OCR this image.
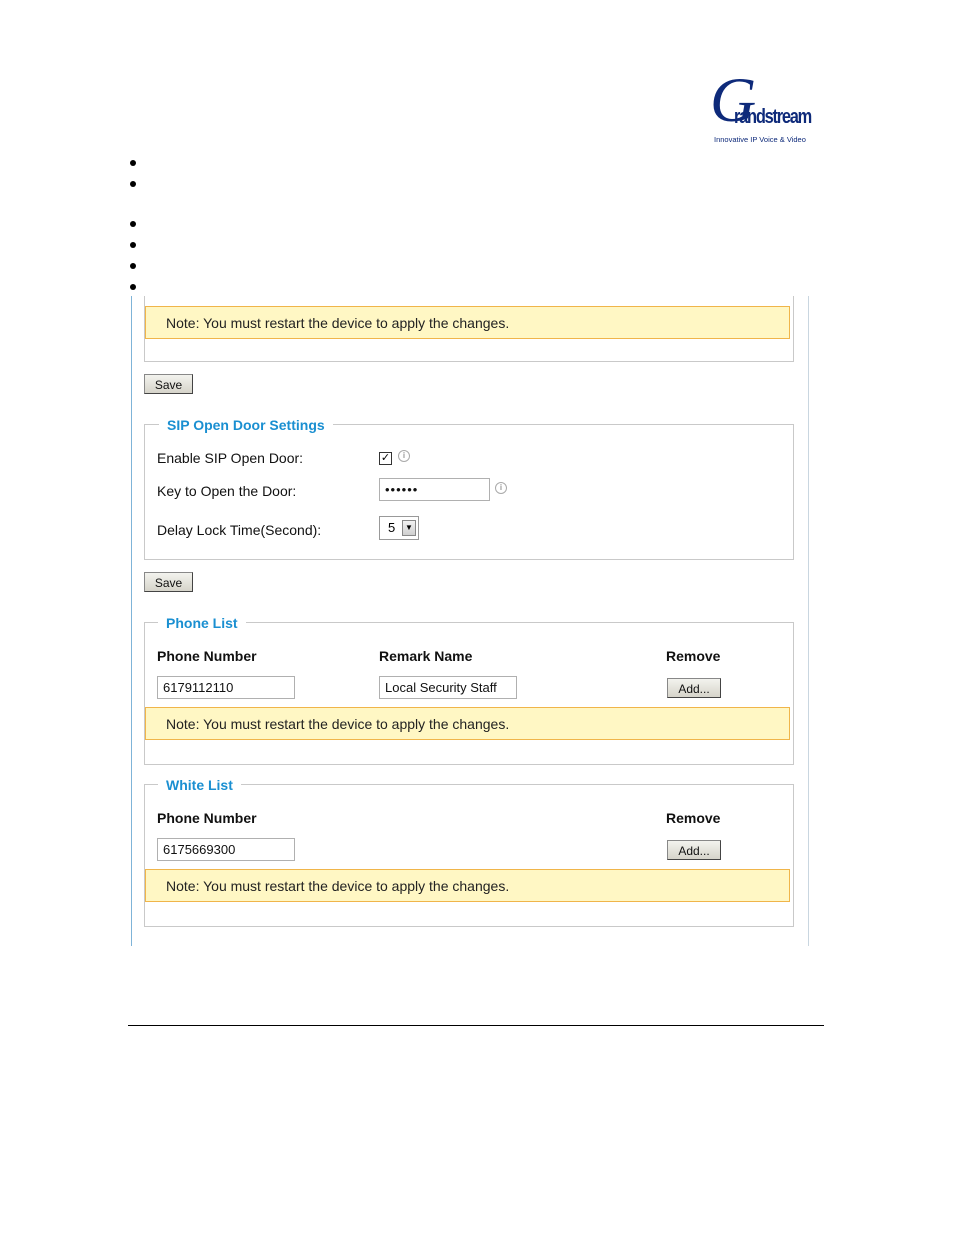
G
randstream
Innovative IP Voice & Video
Note: You must restart the device to apply the changes.
Save
SIP Open Door Settings
Enable SIP Open Door:	✓	i
Key to Open the Door:	••••••	i
Delay Lock Time(Second):	5	▼
Save
Phone List
Phone Number	Remark Name	Remove
6179112110	Local Security Staff	Add...
Note: You must restart the device to apply the changes.
White List
Phone Number	Remove
6175669300	Add...
Note: You must restart the device to apply the changes.
